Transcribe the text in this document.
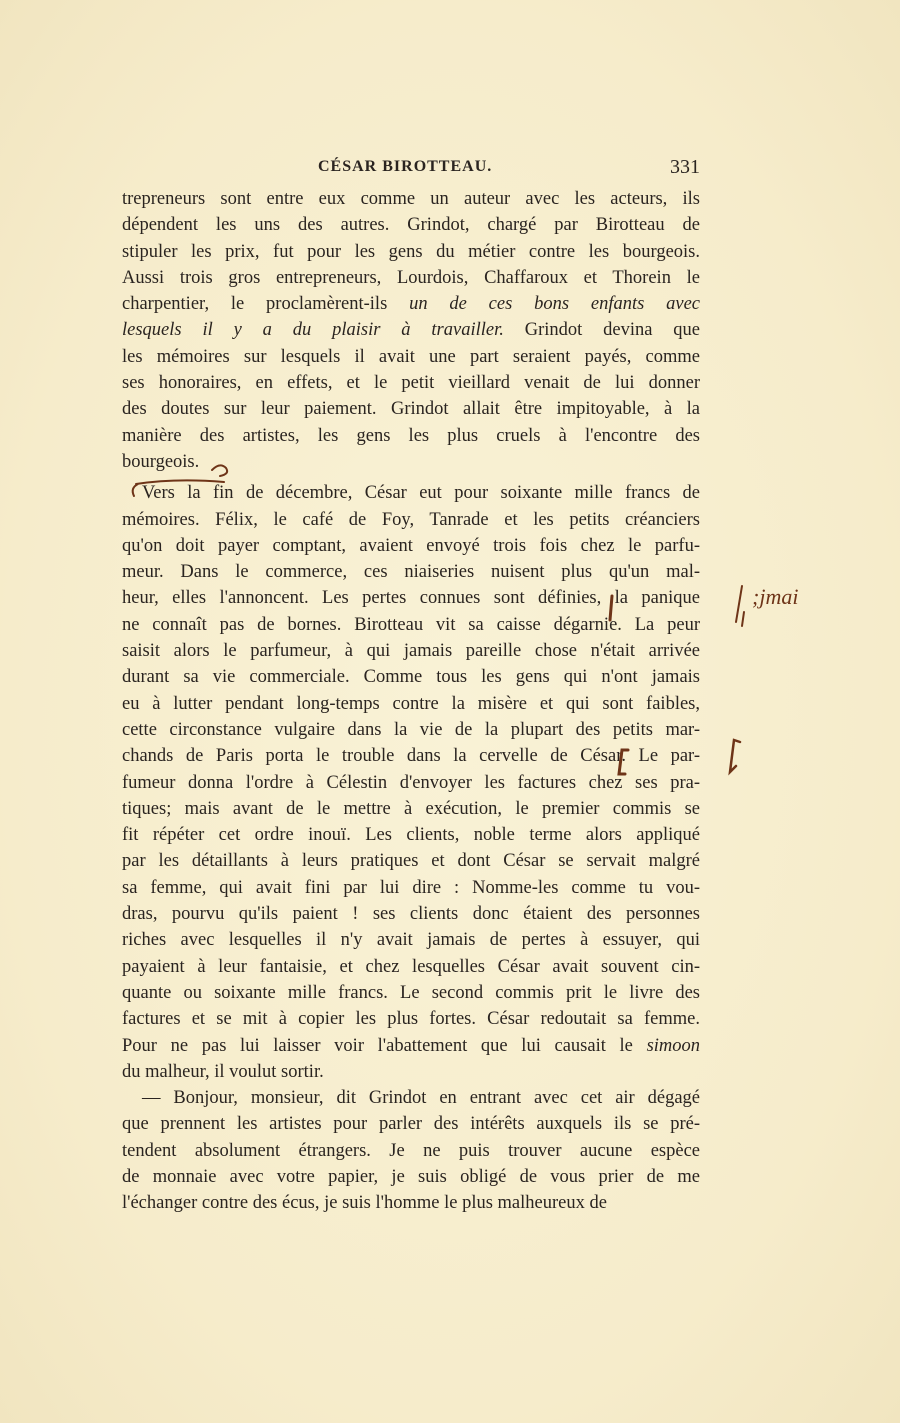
CÉSAR BIROTTEAU.	331
trepreneurs sont entre eux comme un auteur avec les acteurs, ils
dépendent les uns des autres. Grindot, chargé par Birotteau de
stipuler les prix, fut pour les gens du métier contre les bourgeois.
Aussi trois gros entrepreneurs, Lourdois, Chaffaroux et Thorein le
charpentier, le proclamèrent-ils un de ces bons enfants avec
lesquels il y a du plaisir à travailler. Grindot devina que
les mémoires sur lesquels il avait une part seraient payés, comme
ses honoraires, en effets, et le petit vieillard venait de lui donner
des doutes sur leur paiement. Grindot allait être impitoyable, à la
manière des artistes, les gens les plus cruels à l'encontre des
bourgeois.
Vers la fin de décembre, César eut pour soixante mille francs de
mémoires. Félix, le café de Foy, Tanrade et les petits créanciers
qu'on doit payer comptant, avaient envoyé trois fois chez le parfu-
meur. Dans le commerce, ces niaiseries nuisent plus qu'un mal-
heur, elles l'annoncent. Les pertes connues sont définies, la panique
ne connaît pas de bornes. Birotteau vit sa caisse dégarnie. La peur
saisit alors le parfumeur, à qui jamais pareille chose n'était arrivée
durant sa vie commerciale. Comme tous les gens qui n'ont jamais
eu à lutter pendant long-temps contre la misère et qui sont faibles,
cette circonstance vulgaire dans la vie de la plupart des petits mar-
chands de Paris porta le trouble dans la cervelle de César. Le par-
fumeur donna l'ordre à Célestin d'envoyer les factures chez ses pra-
tiques; mais avant de le mettre à exécution, le premier commis se
fit répéter cet ordre inouï. Les clients, noble terme alors appliqué
par les détaillants à leurs pratiques et dont César se servait malgré
sa femme, qui avait fini par lui dire : Nomme-les comme tu vou-
dras, pourvu qu'ils paient ! ses clients donc étaient des personnes
riches avec lesquelles il n'y avait jamais de pertes à essuyer, qui
payaient à leur fantaisie, et chez lesquelles César avait souvent cin-
quante ou soixante mille francs. Le second commis prit le livre des
factures et se mit à copier les plus fortes. César redoutait sa femme.
Pour ne pas lui laisser voir l'abattement que lui causait le simoon
du malheur, il voulut sortir.
— Bonjour, monsieur, dit Grindot en entrant avec cet air dégagé
que prennent les artistes pour parler des intérêts auxquels ils se pré-
tendent absolument étrangers. Je ne puis trouver aucune espèce
de monnaie avec votre papier, je suis obligé de vous prier de me
l'échanger contre des écus, je suis l'homme le plus malheureux de
;jmai
